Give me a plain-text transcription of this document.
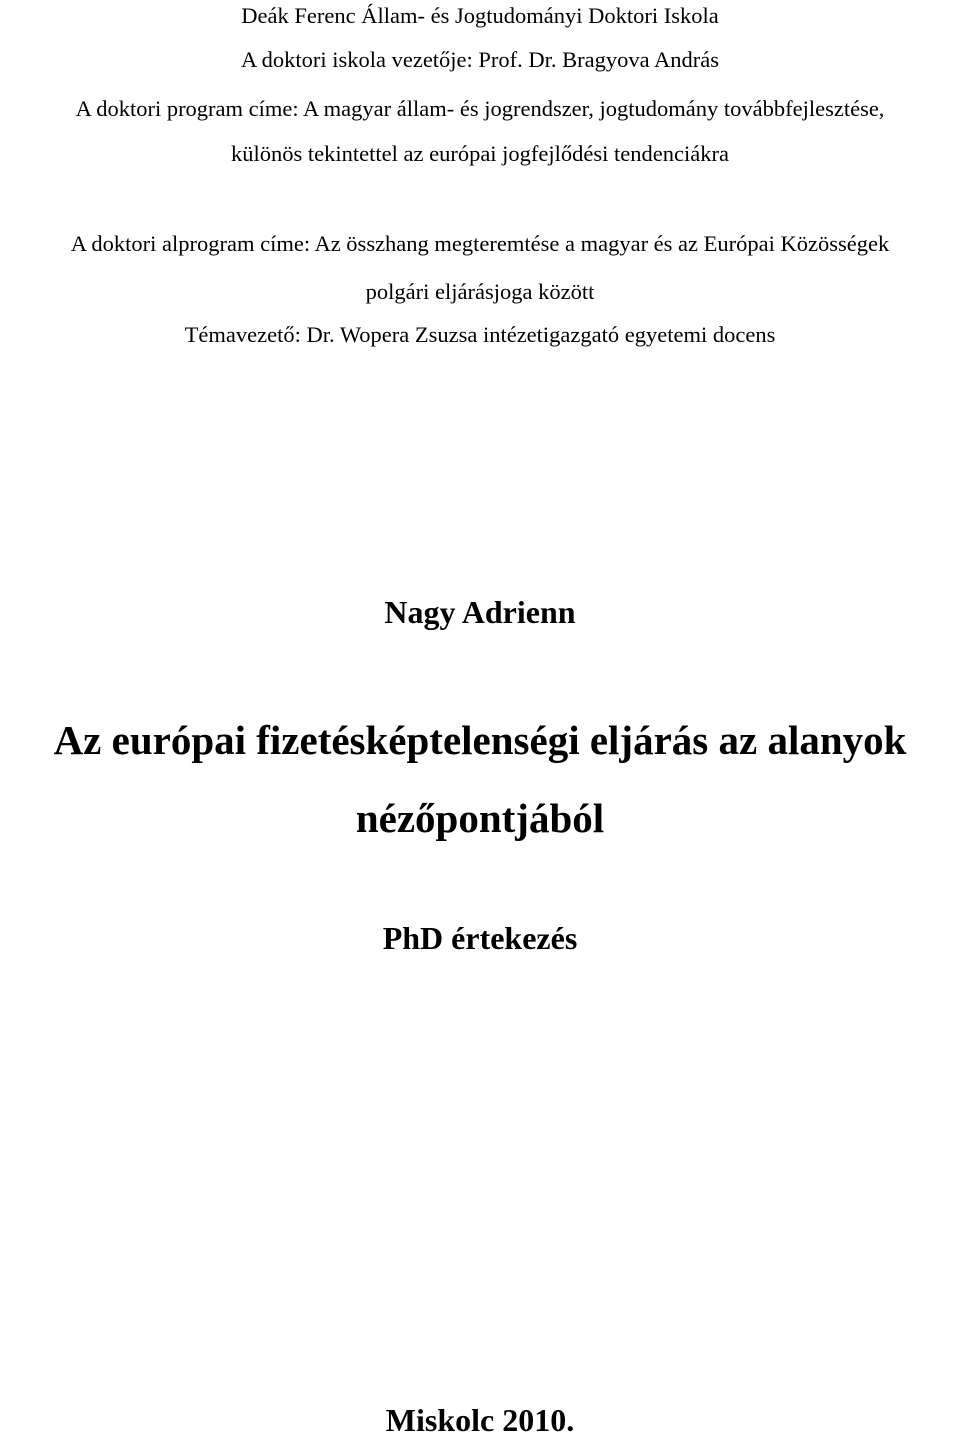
Deák Ferenc Állam- és Jogtudományi Doktori Iskola
A doktori iskola vezetője: Prof. Dr. Bragyova András
A doktori program címe: A magyar állam- és jogrendszer, jogtudomány továbbfejlesztése,
különös tekintettel az európai jogfejlődési tendenciákra
A doktori alprogram címe: Az összhang megteremtése a magyar és az Európai Közösségek
polgári eljárásjoga között
Témavezető: Dr. Wopera Zsuzsa intézetigazgató egyetemi docens
Nagy Adrienn
Az európai fizetésképtelenségi eljárás az alanyok
nézőpontjából
PhD értekezés
Miskolc 2010.
